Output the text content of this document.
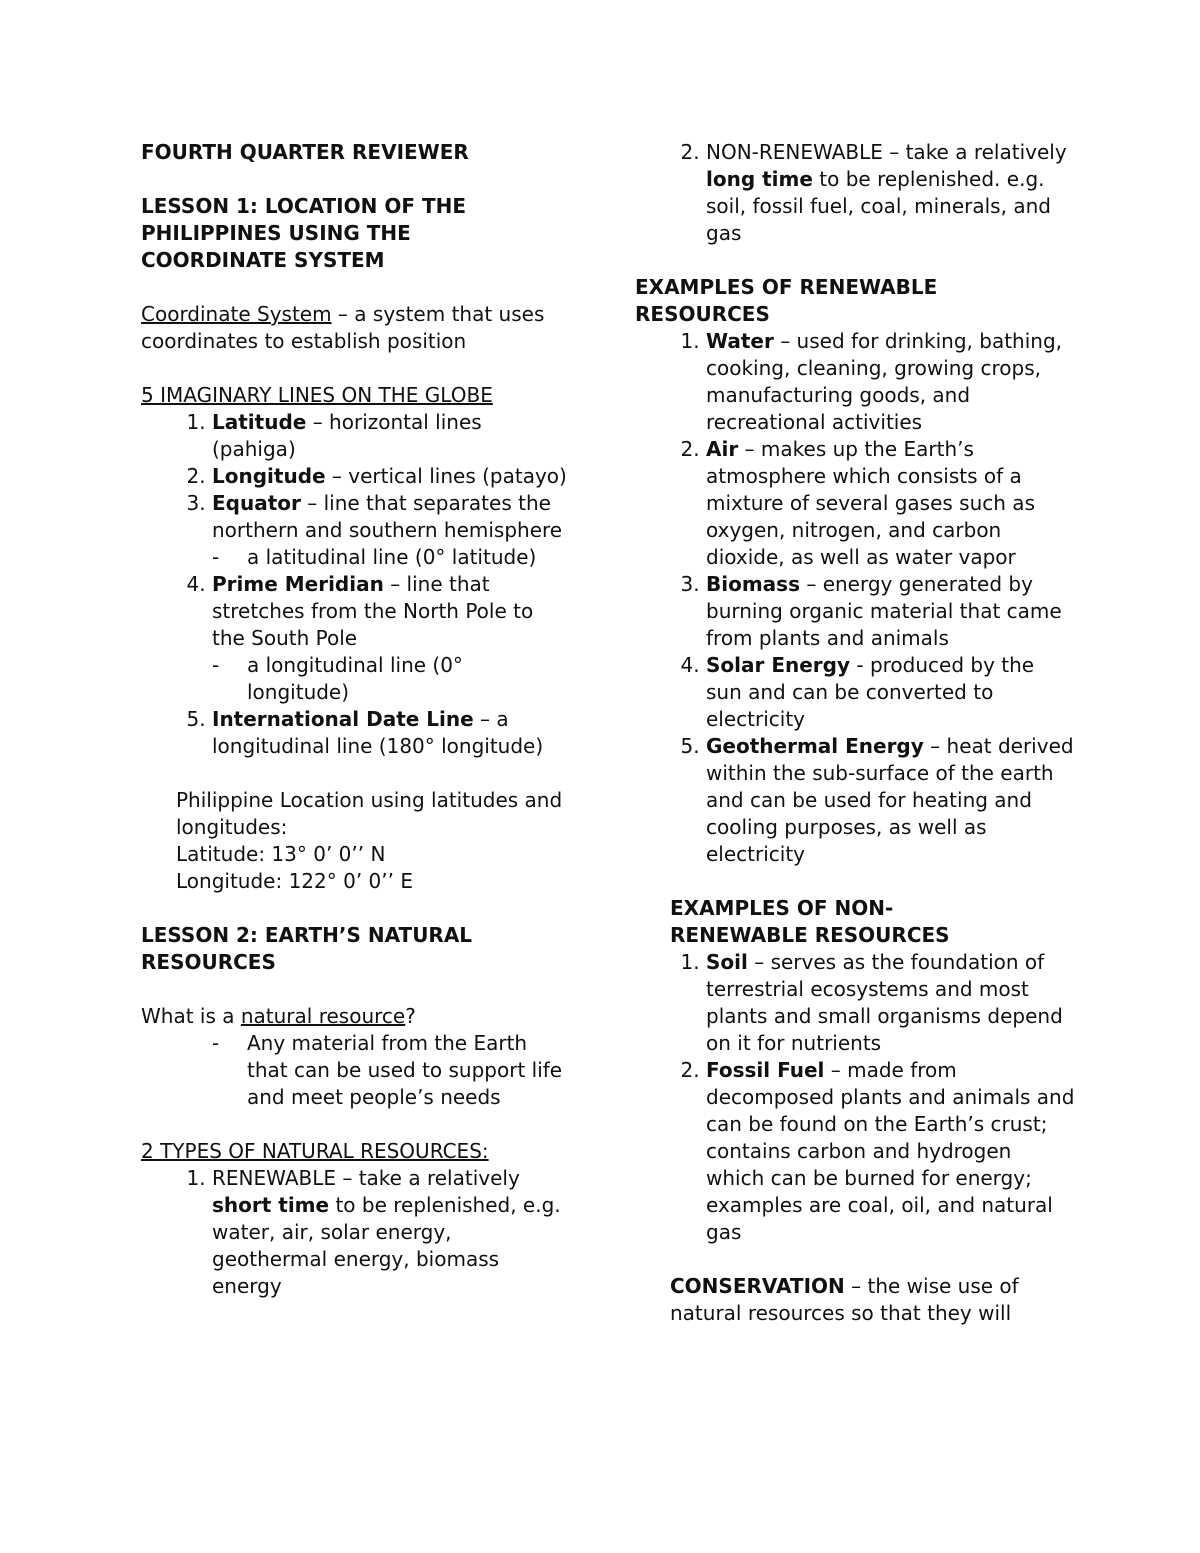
FOURTH QUARTER REVIEWER

LESSON 1: LOCATION OF THE
PHILIPPINES USING THE
COORDINATE SYSTEM

Coordinate System – a system that uses coordinates to establish position

5 IMAGINARY LINES ON THE GLOBE

1. Latitude – horizontal lines (pahiga)
2. Longitude – vertical lines (patayo)
3. Equator – line that separates the northern and southern hemisphere
- a latitudinal line (0° latitude)
4. Prime Meridian – line that stretches from the North Pole to the South Pole
- a longitudinal line (0° longitude)
5. International Date Line – a longitudinal line (180° longitude)

Philippine Location using latitudes and longitudes:

Latitude: 13° 0’ 0’’ N

Longitude: 122° 0’ 0’’ E

LESSON 2: EARTH’S NATURAL
RESOURCES

What is a natural resource?

- Any material from the Earth that can be used to support life and meet people’s needs

2 TYPES OF NATURAL RESOURCES:

1. RENEWABLE – take a relatively short time to be replenished, e.g. water, air, solar energy, geothermal energy, biomass energy
2. NON-RENEWABLE – take a relatively long time to be replenished. e.g. soil, fossil fuel, coal, minerals, and gas

EXAMPLES OF RENEWABLE
RESOURCES

1. Water – used for drinking, bathing, cooking, cleaning, growing crops, manufacturing goods, and recreational activities
2. Air – makes up the Earth’s atmosphere which consists of a mixture of several gases such as oxygen, nitrogen, and carbon dioxide, as well as water vapor
3. Biomass – energy generated by burning organic material that came from plants and animals
4. Solar Energy - produced by the sun and can be converted to electricity
5. Geothermal Energy – heat derived within the sub-surface of the earth and can be used for heating and cooling purposes, as well as electricity

EXAMPLES OF NON-
RENEWABLE RESOURCES

1. Soil – serves as the foundation of terrestrial ecosystems and most plants and small organisms depend on it for nutrients
2. Fossil Fuel – made from decomposed plants and animals and can be found on the Earth’s crust; contains carbon and hydrogen which can be burned for energy; examples are coal, oil, and natural gas

CONSERVATION – the wise use of natural resources so that they will
